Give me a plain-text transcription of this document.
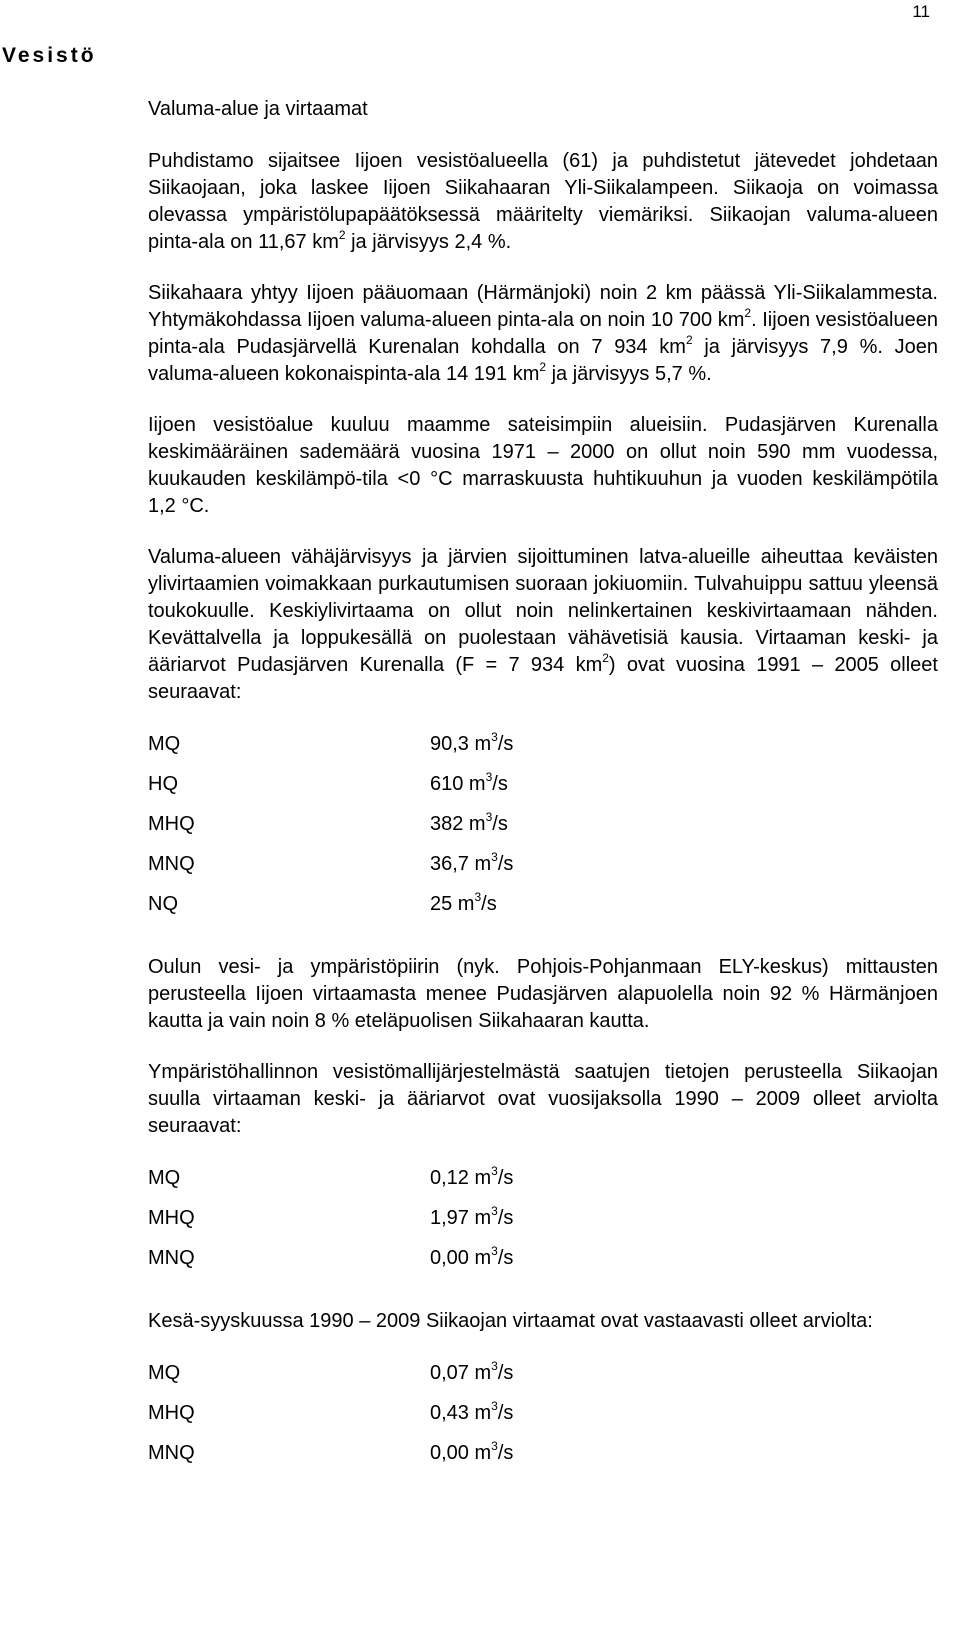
11
Vesistö
Valuma-alue ja virtaamat

Puhdistamo sijaitsee Iijoen vesistöalueella (61) ja puhdistetut jätevedet johdetaan Siikaojaan, joka laskee Iijoen Siikahaaran Yli-Siikalampeen. Siikaoja on voimassa olevassa ympäristölupapäätöksessä määritelty viemäriksi. Siikaojan valuma-alueen pinta-ala on 11,67 $km^2$ ja järvisyys 2,4 %.

Siikahaara yhtyy Iijoen pääuomaan (Härmänjoki) noin 2 km päässä Yli-Siikalammesta. Yhtymäkohdassa Iijoen valuma-alueen pinta-ala on noin 10 700 $km^2$. Iijoen vesistöalueen pinta-ala Pudasjärvellä Kurenalan kohdalla on 7 934 $km^2$ ja järvisyys 7,9 %. Joen valuma-alueen kokonaispinta-ala 14 191 $km^2$ ja järvisyys 5,7 %.

Iijoen vesistöalue kuuluu maamme sateisimpiin alueisiin. Pudasjärven Kurenalla keskimääräinen sademäärä vuosina 1971 – 2000 on ollut noin 590 mm vuodessa, kuukauden keskilämpö-tila <0 °C marraskuusta huhtikuuhun ja vuoden keskilämpötila 1,2 °C.

Valuma-alueen vähäjärvisyys ja järvien sijoittuminen latva-alueille aiheuttaa keväisten ylivirtaamien voimakkaan purkautumisen suoraan jokiuomiin. Tulvahuippu sattuu yleensä toukokuulle. Keskiylivirtaama on ollut noin nelinkertainen keskivirtaamaan nähden. Kevättalvella ja loppukesällä on puolestaan vähävetisiä kausia. Virtaaman keski- ja ääriarvot Pudasjärven Kurenalla (F = 7 934 $km^2$) ovat vuosina 1991 – 2005 olleet seuraavat:

MQ	90,3 $m^3/s$
HQ	610 $m^3/s$
MHQ	382 $m^3/s$
MNQ	36,7 $m^3/s$
NQ	25 $m^3/s$

Oulun vesi- ja ympäristöpiirin (nyk. Pohjois-Pohjanmaan ELY-keskus) mittausten perusteella Iijoen virtaamasta menee Pudasjärven alapuolella noin 92 % Härmänjoen kautta ja vain noin 8 % eteläpuolisen Siikahaaran kautta.

Ympäristöhallinnon vesistömallijärjestelmästä saatujen tietojen perusteella Siikaojan suulla virtaaman keski- ja ääriarvot ovat vuosijaksolla 1990 – 2009 olleet arviolta seuraavat:

MQ	0,12 $m^3/s$
MHQ	1,97 $m^3/s$
MNQ	0,00 $m^3/s$

Kesä-syyskuussa 1990 – 2009 Siikaojan virtaamat ovat vastaavasti olleet arviolta:

MQ	0,07 $m^3/s$
MHQ	0,43 $m^3/s$
MNQ	0,00 $m^3/s$
